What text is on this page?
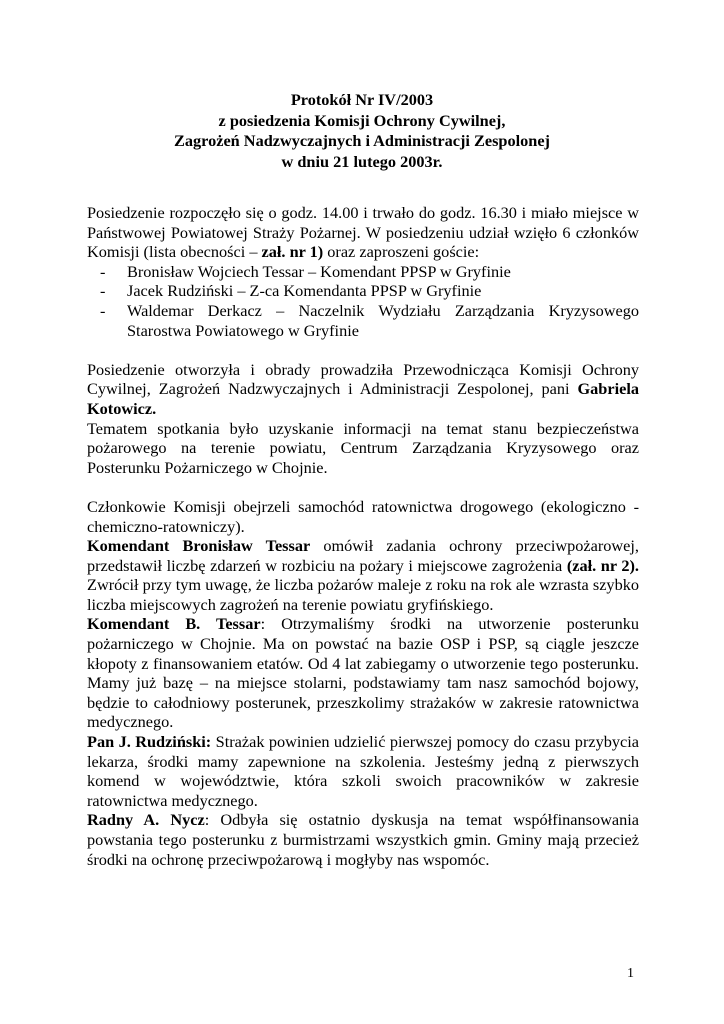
Protokół Nr IV/2003
z posiedzenia Komisji Ochrony Cywilnej,
Zagrożeń Nadzwyczajnych i Administracji Zespolonej
w dniu 21 lutego 2003r.

Posiedzenie rozpoczęło się o godz. 14.00 i trwało do godz. 16.30 i miało miejsce w Państwowej Powiatowej Straży Pożarnej. W posiedzeniu udział wzięło 6 członków Komisji (lista obecności – zał. nr 1) oraz zaproszeni goście:

- Bronisław Wojciech Tessar – Komendant PPSP w Gryfinie
- Jacek Rudziński – Z-ca Komendanta PPSP w Gryfinie
- Waldemar Derkacz – Naczelnik Wydziału Zarządzania Kryzysowego Starostwa Powiatowego w Gryfinie

Posiedzenie otworzyła i obrady prowadziła Przewodnicząca Komisji Ochrony Cywilnej, Zagrożeń Nadzwyczajnych i Administracji Zespolonej, pani Gabriela Kotowicz.

Tematem spotkania było uzyskanie informacji na temat stanu bezpieczeństwa pożarowego na terenie powiatu, Centrum Zarządzania Kryzysowego oraz Posterunku Pożarniczego w Chojnie.

Członkowie Komisji obejrzeli samochód ratownictwa drogowego (ekologiczno -chemiczno-ratowniczy).

Komendant Bronisław Tessar omówił zadania ochrony przeciwpożarowej, przedstawił liczbę zdarzeń w rozbiciu na pożary i miejscowe zagrożenia (zał. nr 2). Zwrócił przy tym uwagę, że liczba pożarów maleje z roku na rok ale wzrasta szybko liczba miejscowych zagrożeń na terenie powiatu gryfińskiego.

Komendant B. Tessar: Otrzymaliśmy środki na utworzenie posterunku pożarniczego w Chojnie. Ma on powstać na bazie OSP i PSP, są ciągle jeszcze kłopoty z finansowaniem etatów. Od 4 lat zabiegamy o utworzenie tego posterunku. Mamy już bazę – na miejsce stolarni, podstawiamy tam nasz samochód bojowy, będzie to całodniowy posterunek, przeszkolimy strażaków w zakresie ratownictwa medycznego.

Pan J. Rudziński: Strażak powinien udzielić pierwszej pomocy do czasu przybycia lekarza, środki mamy zapewnione na szkolenia. Jesteśmy jedną z pierwszych komend w województwie, która szkoli swoich pracowników w zakresie ratownictwa medycznego.

Radny A. Nycz: Odbyła się ostatnio dyskusja na temat współfinansowania powstania tego posterunku z burmistrzami wszystkich gmin. Gminy mają przecież środki na ochronę przeciwpożarową i mogłyby nas wspomóc.

1
